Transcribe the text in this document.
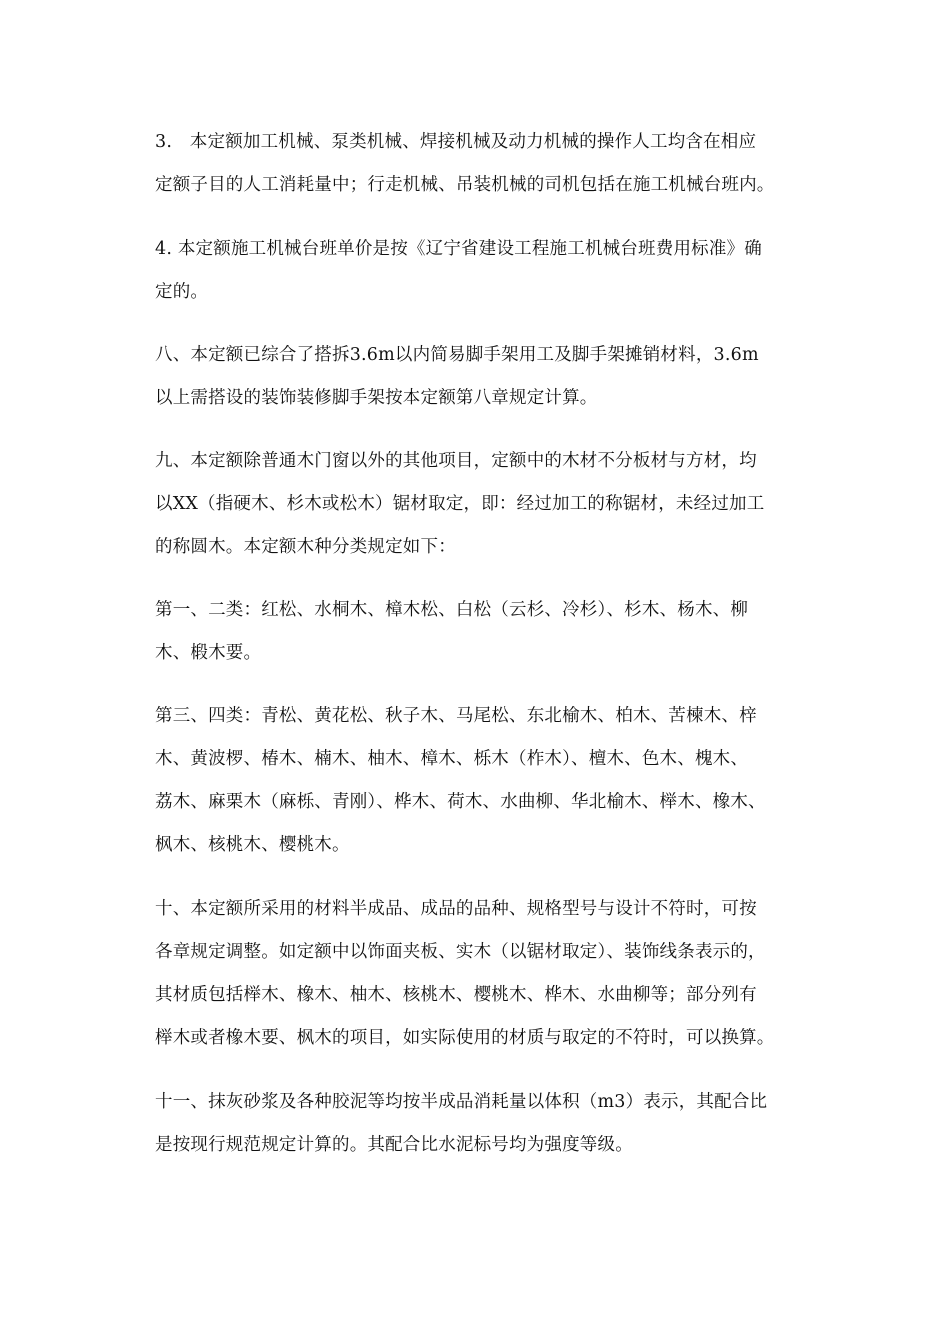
3.　本定额加工机械、泵类机械、焊接机械及动力机械的操作人工均含在相应
定额子目的人工消耗量中；行走机械、吊装机械的司机包括在施工机械台班内。
4. 本定额施工机械台班单价是按《辽宁省建设工程施工机械台班费用标准》确
定的。
八、本定额已综合了搭拆3.6m以内简易脚手架用工及脚手架摊销材料，3.6m
以上需搭设的装饰装修脚手架按本定额第八章规定计算。
九、本定额除普通木门窗以外的其他项目，定额中的木材不分板材与方材，均
以XX（指硬木、杉木或松木）锯材取定，即：经过加工的称锯材，未经过加工
的称圆木。本定额木种分类规定如下：
第一、二类：红松、水桐木、樟木松、白松（云杉、冷杉）、杉木、杨木、柳
木、椴木要。
第三、四类：青松、黄花松、秋子木、马尾松、东北榆木、柏木、苦楝木、梓
木、黄波椤、椿木、楠木、柚木、樟木、栎木（柞木）、檀木、色木、槐木、
荔木、麻栗木（麻栎、青刚）、桦木、荷木、水曲柳、华北榆木、榉木、橡木、
枫木、核桃木、樱桃木。
十、本定额所采用的材料半成品、成品的品种、规格型号与设计不符时，可按
各章规定调整。如定额中以饰面夹板、实木（以锯材取定）、装饰线条表示的，
其材质包括榉木、橡木、柚木、核桃木、樱桃木、桦木、水曲柳等；部分列有
榉木或者橡木要、枫木的项目，如实际使用的材质与取定的不符时，可以换算。
十一、抹灰砂浆及各种胶泥等均按半成品消耗量以体积（m3）表示，其配合比
是按现行规范规定计算的。其配合比水泥标号均为强度等级。
